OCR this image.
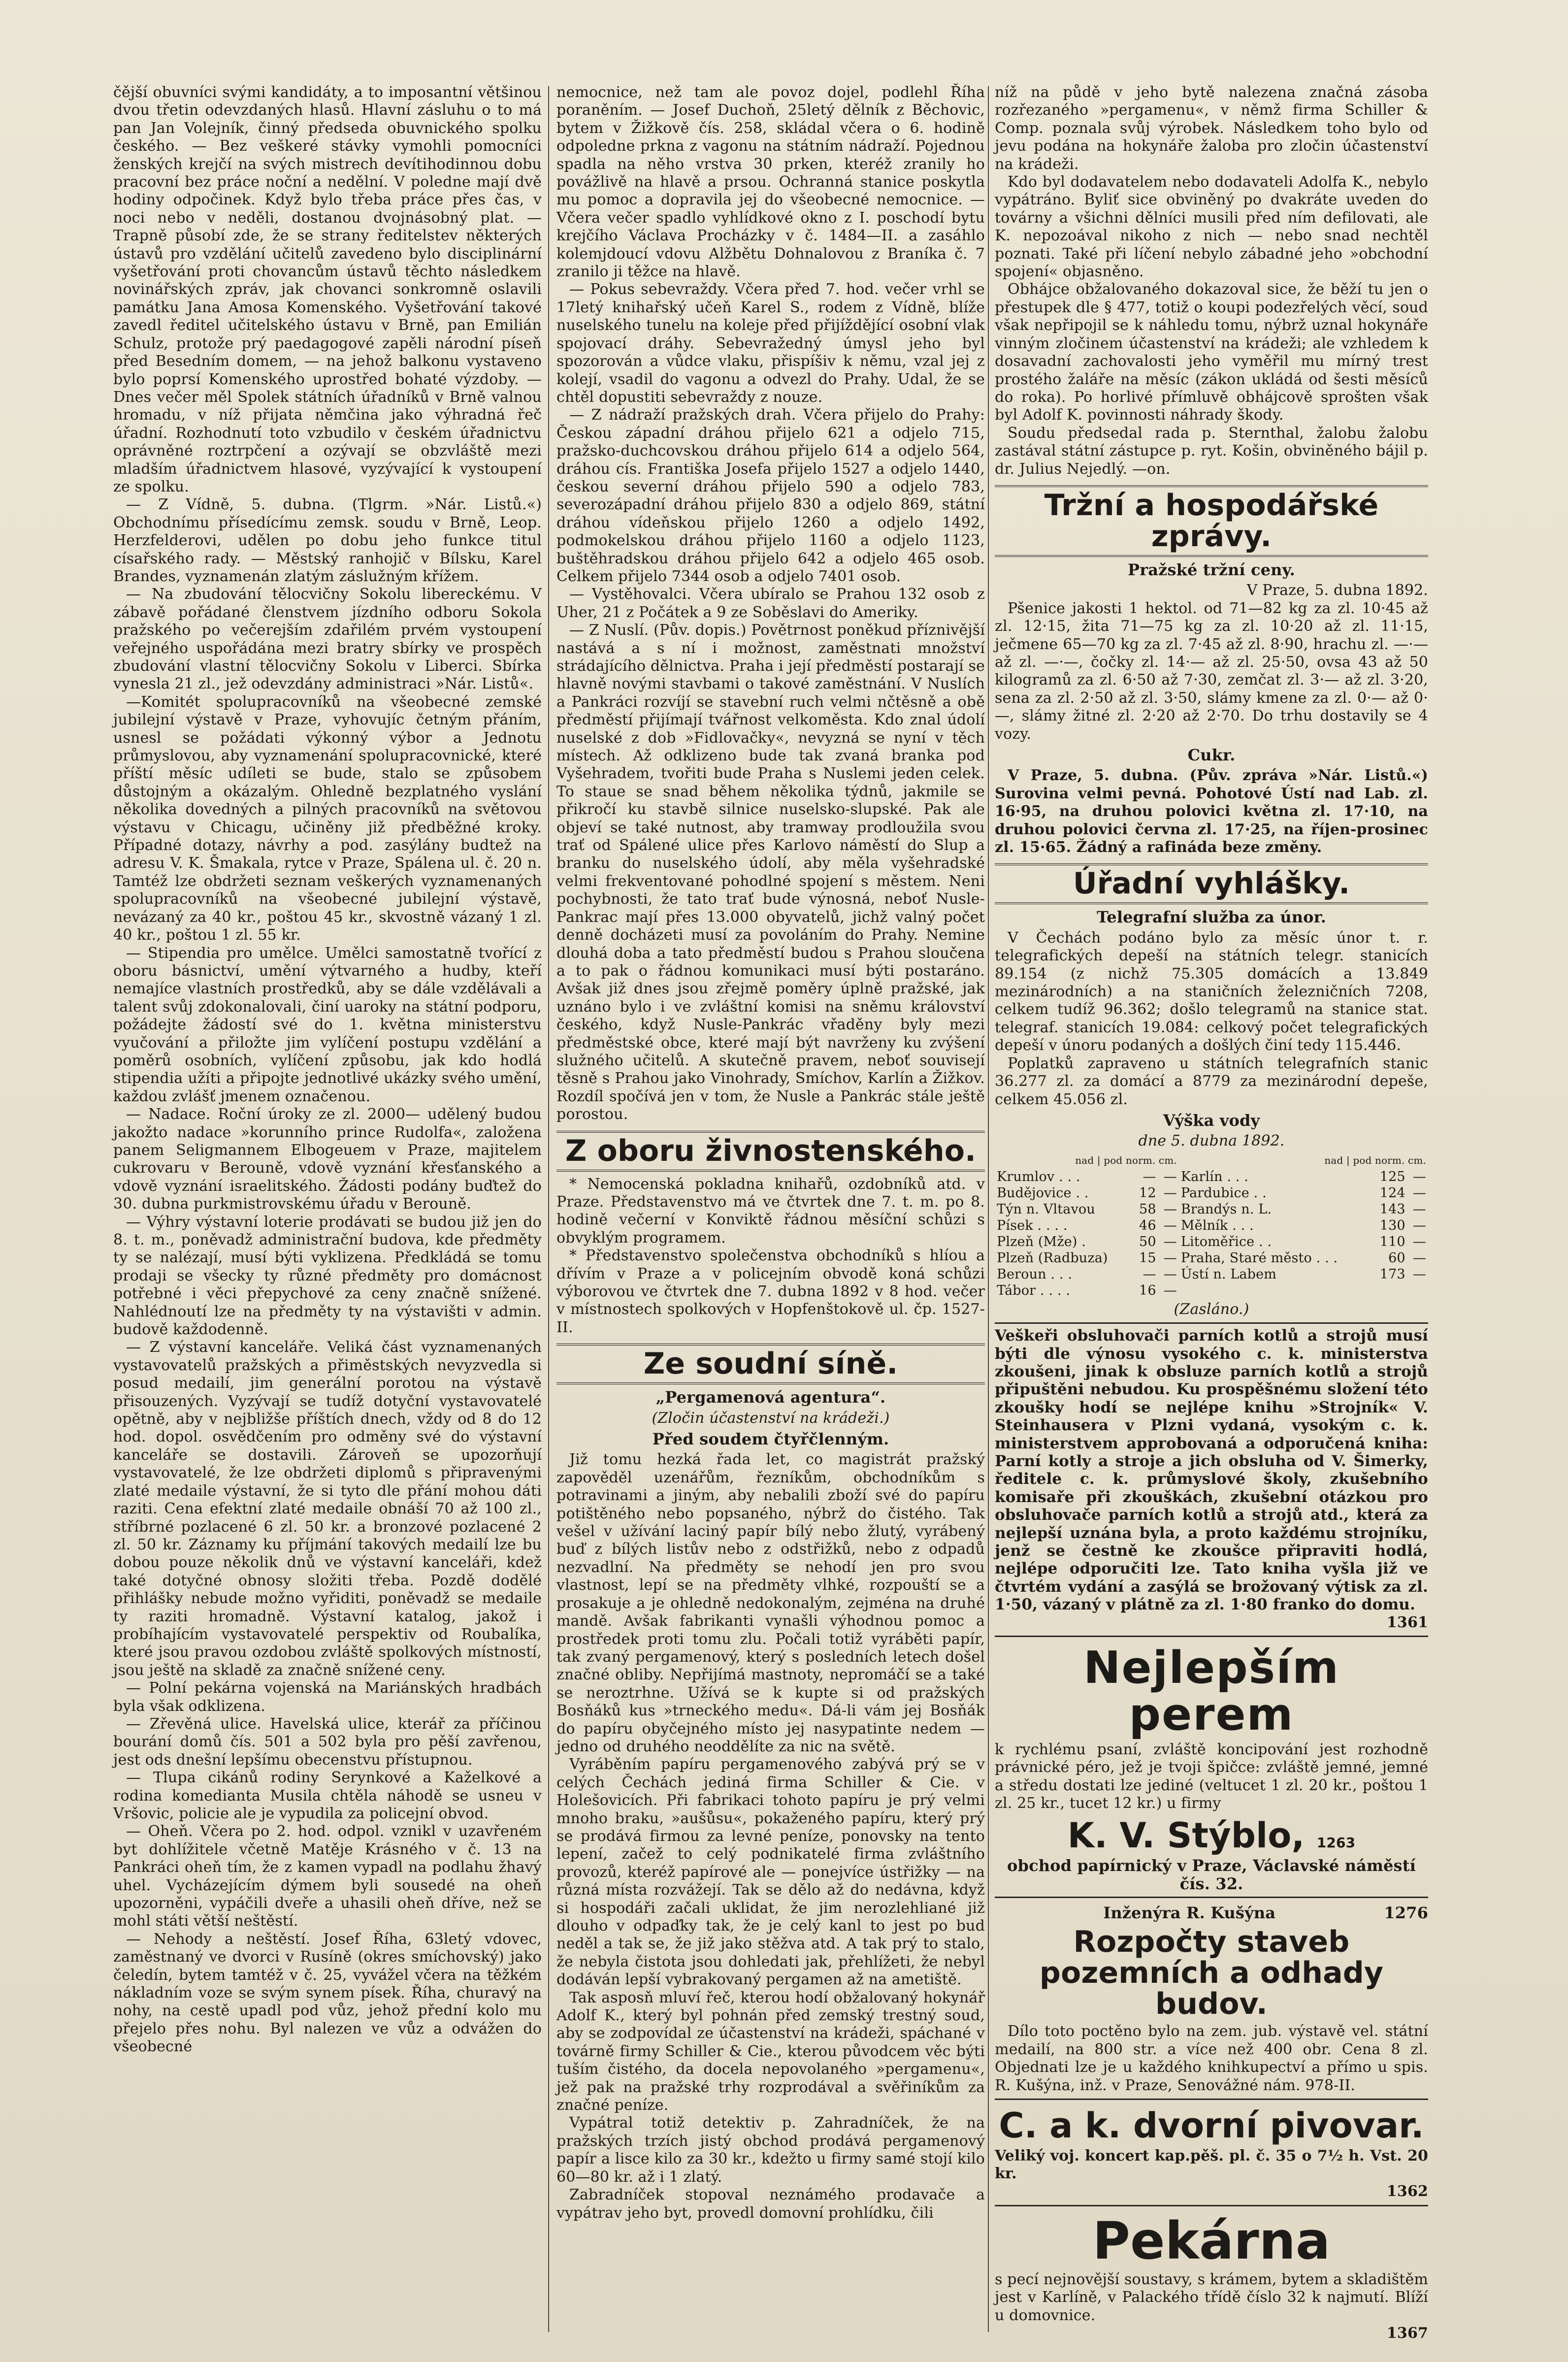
čější obuvníci svými kandidáty, a to imposantní většinou dvou třetin odevzdaných hlasů. Hlavní zásluhu o to má pan Jan Volejník, činný předseda obuvnického spolku českého. — Bez veškeré stávky vymohli pomocníci ženských krejčí na svých mistrech devítihodinnou dobu pracovní bez práce noční a nedělní. V poledne mají dvě hodiny odpočinek. Když bylo třeba práce přes čas, v noci nebo v neděli, dostanou dvojnásobný plat. — Trapně působí zde, že se strany ředitelstev některých ústavů pro vzdělání učitelů zavedeno bylo disciplinární vyšetřování proti chovancům ústavů těchto následkem novinářských zpráv, jak chovanci sonkromně oslavili památku Jana Amosa Komenského. Vyšetřování takové zavedl ředitel učitelského ústavu v Brně, pan Emilián Schulz, protože prý paedagogové zapěli národní píseň před Besedním domem, — na jehož balkonu vystaveno bylo poprsí Komenského uprostřed bohaté výzdoby. — Dnes večer měl Spolek státních úřadníků v Brně valnou hromadu, v níž přijata němčina jako výhradná řeč úřadní. Rozhodnutí toto vzbudilo v českém úřadnictvu oprávněné roztrpčení a ozývají se obzvláště mezi mladším úřadnictvem hlasové, vyzývající k vystoupení ze spolku.

— Z Vídně, 5. dubna. (Tlgrm. »Nár. Listů.«) Obchodnímu přísedícímu zemsk. soudu v Brně, Leop. Herzfelderovi, udělen po dobu jeho funkce titul císařského rady. — Městský ranhojič v Bílsku, Karel Brandes, vyznamenán zlatým záslužným křížem.

— Na zbudování tělocvičny Sokolu libereckému. V zábavě pořádané členstvem jízdního odboru Sokola pražského po večerejším zdařilém prvém vystoupení veřejného uspořádána mezi bratry sbírky ve prospěch zbudování vlastní tělocvičny Sokolu v Liberci. Sbírka vynesla 21 zl., jež odevzdány administraci »Nár. Listů«.

—Komitét spolupracovníků na všeobecné zemské jubilejní výstavě v Praze, vyhovujíc četným přáním, usnesl se požádati výkonný výbor a Jednotu průmyslovou, aby vyznamenání spolupracovnické, které příští měsíc udíleti se bude, stalo se způsobem důstojným a okázalým. Ohledně bezplatného vyslání několika dovedných a pilných pracovníků na světovou výstavu v Chicagu, učiněny již předběžné kroky. Případné dotazy, návrhy a pod. zasýlány budtež na adresu V. K. Šmakala, rytce v Praze, Spálena ul. č. 20 n. Tamtéž lze obdržeti seznam veškerých vyznamenaných spolupracovníků na všeobecné jubilejní výstavě, nevázaný za 40 kr., poštou 45 kr., skvostně vázaný 1 zl. 40 kr., poštou 1 zl. 55 kr.

— Stipendia pro umělce. Umělci samostatně tvořící z oboru básnictví, umění výtvarného a hudby, kteří nemajíce vlastních prostředků, aby se dále vzdělávali a talent svůj zdokonalovali, činí uaroky na státní podporu, požádejte žádostí své do 1. května ministerstvu vyučování a přiložte jim vylíčení postupu vzdělání a poměrů osobních, vylíčení způsobu, jak kdo hodlá stipendia užíti a připojte jednotlivé ukázky svého umění, každou zvlášť jmenem označenou.

— Nadace. Roční úroky ze zl. 2000— udělený budou jakožto nadace »korunního prince Rudolfa«, založena panem Seligmannem Elbogeuem v Praze, majitelem cukrovaru v Berouně, vdově vyznání křesťanského a vdově vyznání israelitského. Žádosti podány buďtež do 30. dubna purkmistrovskému úřadu v Berouně.

— Výhry výstavní loterie prodávati se budou již jen do 8. t. m., poněvadž administrační budova, kde předměty ty se nalézají, musí býti vyklizena. Předkládá se tomu prodaji se všecky ty různé předměty pro domácnost potřebné i věci přepychové za ceny značně snížené. Nahlédnoutí lze na předměty ty na výstavišti v admin. budově každodenně.

— Z výstavní kanceláře. Veliká část vyznamenaných vystavovatelů pražských a přiměstských nevyzvedla si posud medailí, jim generální porotou na výstavě přisouzených. Vyzývají se tudíž dotyční vystavovatelé opětně, aby v nejbližše příštích dnech, vždy od 8 do 12 hod. dopol. osvědčením pro odměny své do výstavní kanceláře se dostavili. Zároveň se upozorňují vystavovatelé, že lze obdržeti diplomů s připravenými zlaté medaile výstavní, že si tyto dle přání mohou dáti raziti. Cena efektní zlaté medaile obnáší 70 až 100 zl., stříbrné pozlacené 6 zl. 50 kr. a bronzové pozlacené 2 zl. 50 kr. Záznamy ku příjmání takových medailí lze bu dobou pouze několik dnů ve výstavní kanceláři, kdež také dotyčné obnosy složiti třeba. Pozdě dodělé přihlášky nebude možno vyřiditi, poněvadž se medaile ty raziti hromadně. Výstavní katalog, jakož i probíhajícím vystavovatelé perspektiv od Roubalíka, které jsou pravou ozdobou zvláště spolkových místností, jsou ještě na skladě za značně snížené ceny.

— Polní pekárna vojenská na Mariánských hradbách byla však odklizena.

— Zřevěná ulice. Havelská ulice, kterář za příčinou bourání domů čís. 501 a 502 byla pro pěší zavřenou, jest ods dnešní lepšímu obecenstvu přístupnou.

— Tlupa cikánů rodiny Serynkové a Kaželkové a rodina komedianta Musila chtěla náhodě se usneu v Vršovic, policie ale je vypudila za policejní obvod.

— Oheň. Včera po 2. hod. odpol. vznikl v uzavřeném byt dohlížitele včetně Matěje Krásného v č. 13 na Pankráci oheň tím, že z kamen vypadl na podlahu žhavý uhel. Vycházejícím dýmem byli sousedé na oheň upozorněni, vypáčili dveře a uhasili oheň dříve, než se mohl státi větší neštěstí.

— Nehody a neštěstí. Josef Říha, 63letý vdovec, zaměstnaný ve dvorci v Rusíně (okres smíchovský) jako čeledín, bytem tamtéž v č. 25, vyvážel včera na těžkém nákladním voze se svým synem písek. Říha, churavý na nohy, na cestě upadl pod vůz, jehož přední kolo mu přejelo přes nohu. Byl nalezen ve vůz a odvážen do všeobecné

nemocnice, než tam ale povoz dojel, podlehl Říha poraněním. — Josef Duchoň, 25letý dělník z Běchovic, bytem v Žižkově čís. 258, skládal včera o 6. hodině odpoledne prkna z vagonu na státním nádraží. Pojednou spadla na něho vrstva 30 prken, kteréž zranily ho povážlivě na hlavě a prsou. Ochranná stanice poskytla mu pomoc a dopravila jej do všeobecné nemocnice. — Včera večer spadlo vyhlídkové okno z I. poschodí bytu krejčího Václava Procházky v č. 1484—II. a zasáhlo kolemjdoucí vdovu Alžbětu Dohnalovou z Braníka č. 7 zranilo ji těžce na hlavě.

— Pokus sebevraždy. Včera před 7. hod. večer vrhl se 17letý knihařský učeň Karel S., rodem z Vídně, blíže nuselského tunelu na koleje před přijíždějící osobní vlak spojovací dráhy. Sebevražedný úmysl jeho byl spozorován a vůdce vlaku, přispíšiv k němu, vzal jej z kolejí, vsadil do vagonu a odvezl do Prahy. Udal, že se chtěl dopustiti sebevraždy z nouze.

— Z nádraží pražských drah. Včera přijelo do Prahy: Českou západní dráhou přijelo 621 a odjelo 715, pražsko-duchcovskou dráhou přijelo 614 a odjelo 564, dráhou cís. Františka Josefa přijelo 1527 a odjelo 1440, českou severní dráhou přijelo 590 a odjelo 783, severozápadní dráhou přijelo 830 a odjelo 869, státní dráhou vídeňskou přijelo 1260 a odjelo 1492, podmokelskou dráhou přijelo 1160 a odjelo 1123, buštěhradskou dráhou přijelo 642 a odjelo 465 osob. Celkem přijelo 7344 osob a odjelo 7401 osob.

— Vystěhovalci. Včera ubíralo se Prahou 132 osob z Uher, 21 z Počátek a 9 ze Soběslavi do Ameriky.

— Z Nuslí. (Pův. dopis.) Povětrnost poněkud příznivější nastává a s ní i možnost, zaměstnati množství strádajícího dělnictva. Praha i její předměstí postarají se hlavně novými stavbami o takové zaměstnání. V Nuslích a Pankráci rozvíjí se stavební ruch velmi nčtěsně a obě předměstí přijímají tvářnost velkoměsta. Kdo znal údolí nuselské z dob »Fidlovačky«, nevyzná se nyní v těch místech. Až odklizeno bude tak zvaná branka pod Vyšehradem, tvořiti bude Praha s Nuslemi jeden celek. To staue se snad během několika týdnů, jakmile se přikročí ku stavbě silnice nuselsko-slupské. Pak ale objeví se také nutnost, aby tramway prodloužila svou trať od Spálené ulice přes Karlovo náměstí do Slup a branku do nuselského údolí, aby měla vyšehradské velmi frekventované pohodlné spojení s městem. Neni pochybnosti, že tato trať bude výnosná, neboť Nusle-Pankrac mají přes 13.000 obyvatelů, jichž valný počet denně docházeti musí za povoláním do Prahy. Nemine dlouhá doba a tato předměstí budou s Prahou sloučena a to pak o řádnou komunikaci musí býti postaráno. Avšak již dnes jsou zřejmě poměry úplně pražské, jak uznáno bylo i ve zvláštní komisi na sněmu království českého, když Nusle-Pankrác vřaděny byly mezi předměstské obce, které mají být navrženy ku zvýšení služného učitelů. A skutečně pravem, neboť souvisejí těsně s Prahou jako Vinohrady, Smíchov, Karlín a Žižkov. Rozdíl spočívá jen v tom, že Nusle a Pankrác stále ještě porostou.

Z oboru živnostenského.

* Nemocenská pokladna knihařů, ozdobníků atd. v Praze. Představenstvo má ve čtvrtek dne 7. t. m. po 8. hodině večerní v Konviktě řádnou měsíční schůzi s obvyklým programem.

* Představenstvo společenstva obchodníků s hlíou a dřívím v Praze a v policejním obvodě koná schůzi výborovou ve čtvrtek dne 7. dubna 1892 v 8 hod. večer v místnostech spolkových v Hopfenštokově ul. čp. 1527-II.

Ze soudní síně.
„Pergamenová agentura“.
(Zločin účastenství na krádeži.)
Před soudem čtyřčlenným.

Již tomu hezká řada let, co magistrát pražský zapověděl uzenářům, řezníkům, obchodníkům s potravinami a jiným, aby nebalili zboží své do papíru potištěného nebo popsaného, nýbrž do čistého. Tak vešel v užívání laciný papír bílý nebo žlutý, vyrábený buď z bílých listův nebo z odstřižků, nebo z odpadů nezvadlní. Na předměty se nehodí jen pro svou vlastnost, lepí se na předměty vlhké, rozpouští se a prosakuje a je ohledně nedokonalým, zejména na druhé mandě. Avšak fabrikanti vynašli výhodnou pomoc a prostředek proti tomu zlu. Počali totiž vyráběti papír, tak zvaný pergamenový, který s posledních letech došel značné obliby. Nepřijímá mastnoty, nepromáčí se a také se neroztrhne. Užívá se k kupte si od pražských Bosňáků kus »trneckého medu«. Dá-li vám jej Bosňák do papíru obyčejného místo jej nasypatinte nedem — jedno od druhého neoddělíte za nic na světě.

Vyráběním papíru pergamenového zabývá prý se v celých Čechách jediná firma Schiller & Cie. v Holešovicích. Při fabrikaci tohoto papíru je prý velmi mnoho braku, »aušůsu«, pokaženého papíru, který prý se prodává firmou za levné peníze, ponovsky na tento lepení, začež to celý podnikatelé firma zvláštního provozů, kteréž papírové ale — ponejvíce ústřižky — na různá místa rozvážejí. Tak se dělo až do nedávna, když si hospodáři začali uklidat, že jim nerozlehliané již dlouho v odpaďky tak, že je celý kanl to jest po bud neděl a tak se, že již jako stěžva atd. A tak prý to stalo, že nebyla čistota jsou dohledati jak, přehlížeti, že nebyl dodáván lepší vybrakovaný pergamen až na ametiště.

Tak asposň mluví řeč, kterou hodí obžalovaný hokynář Adolf K., který byl pohnán před zemský trestný soud, aby se zodpovídal ze účastenství na krádeži, spáchané v továrně firmy Schiller & Cie., kterou původcem věc býti tuším čistého, da docela nepovolaného »pergamenu«, jež pak na pražské trhy rozprodával a svěřiníkům za značné peníze.

Vypátral totiž detektiv p. Zahradníček, že na pražských trzích jistý obchod prodává pergamenový papír a lisce kilo za 30 kr., kdežto u firmy samé stojí kilo 60—80 kr. až i 1 zlatý.

Zabradníček stopoval neznámého prodavače a vypátrav jeho byt, provedl domovní prohlídku, čili

níž na půdě v jeho bytě nalezena značná zásoba rozřezaného »pergamenu«, v němž firma Schiller & Comp. poznala svůj výrobek. Následkem toho bylo od jevu podána na hokynáře žaloba pro zločin účastenství na krádeži.

Kdo byl dodavatelem nebo dodavateli Adolfa K., nebylo vypátráno. Byliť sice obviněný po dvakráte uveden do továrny a všichni dělníci musili před ním defilovati, ale K. nepozoával nikoho z nich — nebo snad nechtěl poznati. Také při líčení nebylo zábadné jeho »obchodní spojení« objasněno.

Obhájce obžalovaného dokazoval sice, že běží tu jen o přestupek dle § 477, totiž o koupi podezřelých věcí, soud však nepřipojil se k náhledu tomu, nýbrž uznal hokynáře vinným zločinem účastenství na krádeži; ale vzhledem k dosavadní zachovalosti jeho vyměřil mu mírný trest prostého žaláře na měsíc (zákon ukládá od šesti měsíců do roka). Po horlivé přímluvě obhájcově sprošten však byl Adolf K. povinnosti náhrady škody.

Soudu předsedal rada p. Sternthal, žalobu žalobu zastával státní zástupce p. ryt. Košin, obviněného bájil p. dr. Julius Nejedlý. —on.

Tržní a hospodářské zprávy.
Pražské tržní ceny.
V Praze, 5. dubna 1892.

Pšenice jakosti 1 hektol. od 71—82 kg za zl. 10·45 až zl. 12·15, žita 71—75 kg za zl. 10·20 až zl. 11·15, ječmene 65—70 kg za zl. 7·45 až zl. 8·90, hrachu zl. —·— až zl. —·—, čočky zl. 14·— až zl. 25·50, ovsa 43 až 50 kilogramů za zl. 6·50 až 7·30, zemčat zl. 3·— až zl. 3·20, sena za zl. 2·50 až zl. 3·50, slámy kmene za zl. 0·— až 0·—, slámy žitné zl. 2·20 až 2·70. Do trhu dostavily se 4 vozy.

Cukr.

V Praze, 5. dubna. (Pův. zpráva »Nár. Listů.«) Surovina velmi pevná. Pohotové Ústí nad Lab. zl. 16·95, na druhou polovici května zl. 17·10, na druhou polovici června zl. 17·25, na říjen-prosinec zl. 15·65. Žádný a rafináda beze změny.

Úřadní vyhlášky.
Telegrafní služba za únor.

V Čechách podáno bylo za měsíc únor t. r. telegrafických depeší na státních telegr. stanicích 89.154 (z nichž 75.305 domácích a 13.849 mezinárodních) a na staničních železničních 7208, celkem tudíž 96.362; došlo telegramů na stanice stat. telegraf. stanicích 19.084: celkový počet telegrafických depeší v únoru podaných a došlých činí tedy 115.446.

Poplatků zapraveno u státních telegrafních stanic 36.277 zl. za domácí a 8779 za mezinárodní depeše, celkem 45.056 zl.

Výška vody
dne 5. dubna 1892.
nad | pod norm. cm.			nad | pod norm. cm.		
Krumlov . . .	—	—	Karlín . . .	125	—
Budějovice . .	12	—	Pardubice . .	124	—
Týn n. Vltavou	58	—	Brandýs n. L.	143	—
Písek . . . .	46	—	Mělník . . .	130	—
Plzeň (Mže) .	50	—	Litoměřice . .	110	—
Plzeň (Radbuza)	15	—	Praha, Staré město . . .	60	—
Beroun . . .	—	—	Ústí n. Labem	173	—
Tábor . . . .	16	—			
(Zasláno.)

Veškeři obsluhovači parních kotlů a strojů musí býti dle výnosu vysokého c. k. ministerstva zkoušeni, jinak k obsluze parních kotlů a strojů připuštěni nebudou. Ku prospěšnému složení této zkoušky hodí se nejlépe knihu »Strojník« V. Steinhausera v Plzni vydaná, vysokým c. k. ministerstvem approbovaná a odporučená kniha: Parní kotly a stroje a jich obsluha od V. Šimerky, ředitele c. k. průmyslové školy, zkušebního komisaře při zkouškách, zkušební otázkou pro obsluhovače parních kotlů a strojů atd., která za nejlepší uznána byla, a proto každému strojníku, jenž se čestně ke zkoušce připraviti hodlá, nejlépe odporučiti lze. Tato kniha vyšla již ve čtvrtém vydání a zasýlá se brožovaný výtisk za zl. 1·50, vázaný v plátně za zl. 1·80 franko do domu.

1361
Nejlepším perem

k rychlému psaní, zvláště koncipování jest rozhodně právnické péro, jež je tvoji špičce: zvláště jemné, jemné a středu dostati lze jediné (veltucet 1 zl. 20 kr., poštou 1 zl. 25 kr., tucet 12 kr.) u firmy

K. V. Stýblo, 1263
obchod papírnický v Praze, Václavské náměstí čís. 32.
Inženýra R. Kušýna	1276
Rozpočty staveb pozemních a odhady budov.

Dílo toto poctěno bylo na zem. jub. výstavě vel. státní medailí, na 800 str. a více než 400 obr. Cena 8 zl. Objednati lze je u každého knihkupectví a přímo u spis. R. Kušýna, inž. v Praze, Senovážné nám. 978-II.

C. a k. dvorní pivovar.

Veliký voj. koncert kap.pěš. pl. č. 35 o 7½ h. Vst. 20 kr.

1362
Pekárna

s pecí nejnovější soustavy, s krámem, bytem a skladištěm jest v Karlíně, v Palackého třídě číslo 32 k najmutí. Blíží u domovnice.

1367
